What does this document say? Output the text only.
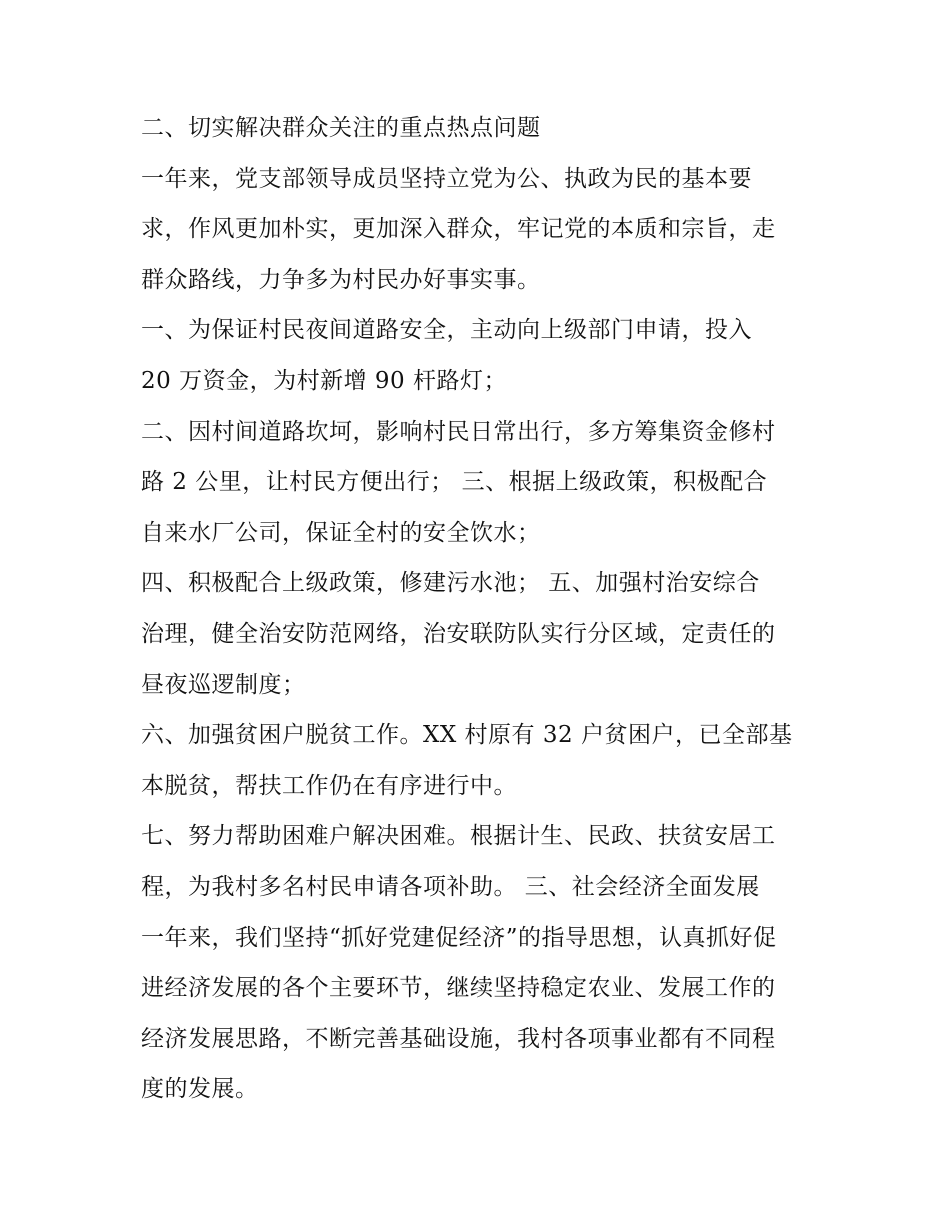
二、切实解决群众关注的重点热点问题
一年来，党支部领导成员坚持立党为公、执政为民的基本要
求，作风更加朴实，更加深入群众，牢记党的本质和宗旨，走
群众路线，力争多为村民办好事实事。
一、为保证村民夜间道路安全，主动向上级部门申请，投入
20 万资金，为村新增 90 杆路灯；
二、因村间道路坎坷，影响村民日常出行，多方筹集资金修村
路 2 公里，让村民方便出行； 三、根据上级政策，积极配合
自来水厂公司，保证全村的安全饮水；
四、积极配合上级政策，修建污水池； 五、加强村治安综合
治理，健全治安防范网络，治安联防队实行分区域，定责任的
昼夜巡逻制度；
六、加强贫困户脱贫工作。XX 村原有 32 户贫困户，已全部基
本脱贫，帮扶工作仍在有序进行中。
七、努力帮助困难户解决困难。根据计生、民政、扶贫安居工
程，为我村多名村民申请各项补助。 三、社会经济全面发展
一年来，我们坚持“抓好党建促经济”的指导思想，认真抓好促
进经济发展的各个主要环节，继续坚持稳定农业、发展工作的
经济发展思路，不断完善基础设施，我村各项事业都有不同程
度的发展。
